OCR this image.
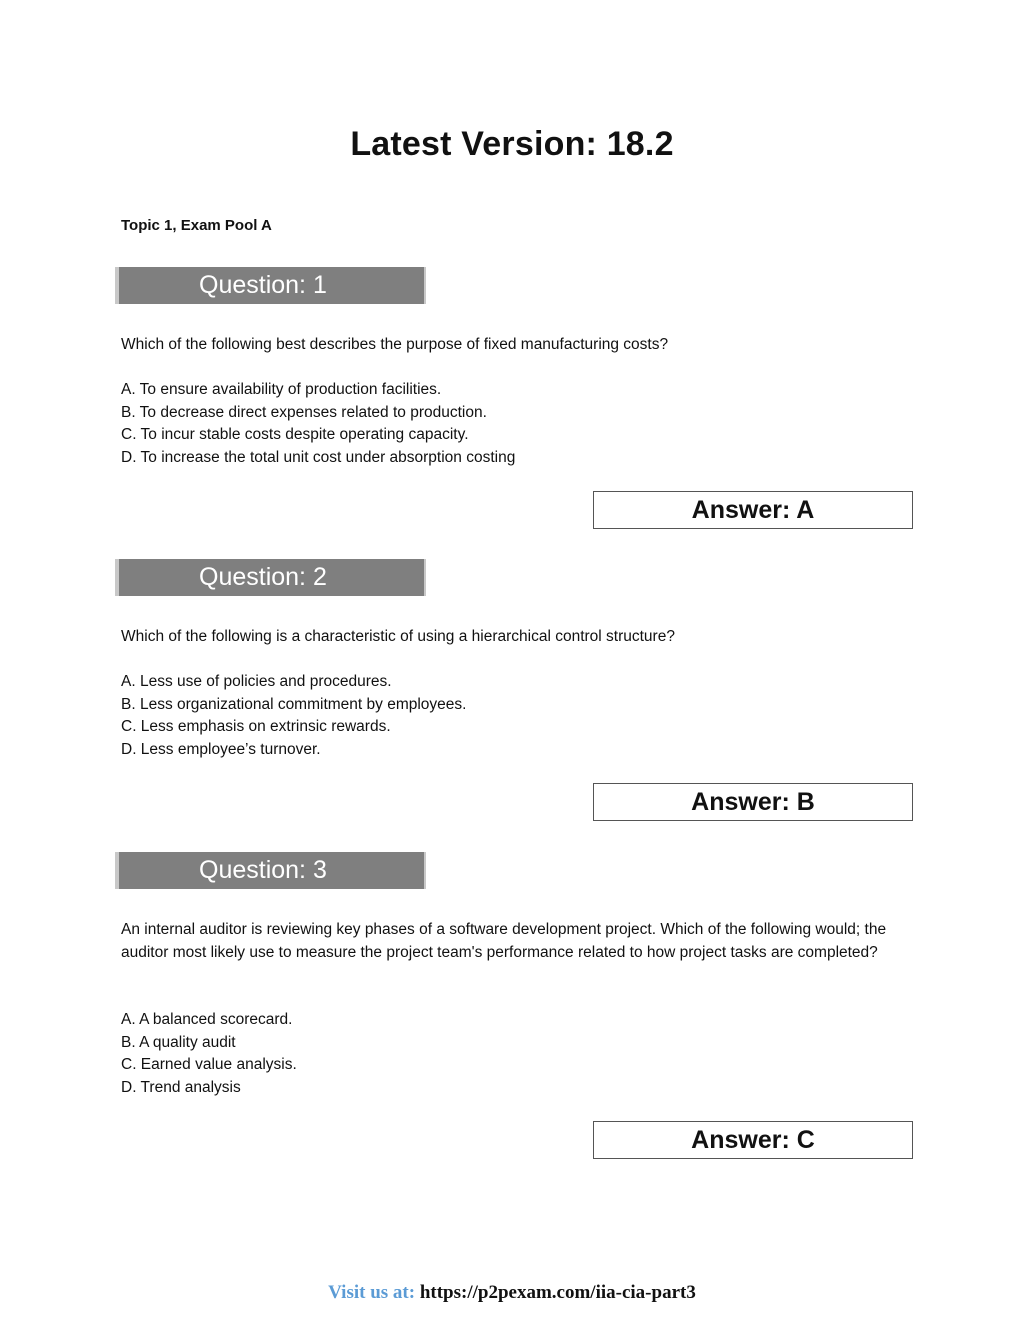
Latest Version: 18.2
Topic 1, Exam Pool A
Question: 1
Which of the following best describes the purpose of fixed manufacturing costs?
A. To ensure availability of production facilities.
B. To decrease direct expenses related to production.
C. To incur stable costs despite operating capacity.
D. To increase the total unit cost under absorption costing
Answer: A
Question: 2
Which of the following is a characteristic of using a hierarchical control structure?
A. Less use of policies and procedures.
B. Less organizational commitment by employees.
C. Less emphasis on extrinsic rewards.
D. Less employee’s turnover.
Answer: B
Question: 3
An internal auditor is reviewing key phases of a software development project. Which of the following would; the auditor most likely use to measure the project team's performance related to how project tasks are completed?
A. A balanced scorecard.
B. A quality audit
C. Earned value analysis.
D. Trend analysis
Answer: C
Visit us at: https://p2pexam.com/iia-cia-part3
